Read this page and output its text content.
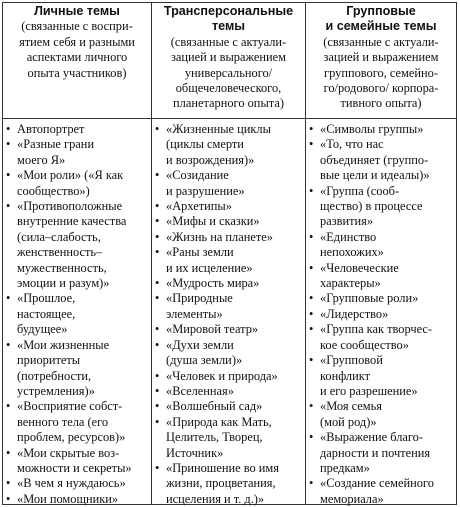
Личные темы
(связанные с воспри-
ятием себя и разными
аспектами личного
опыта участников)
Трансперсональные
темы
(связанные с актуали-
зацией и выражением
универсального/
общечеловеческого,
планетарного опыта)
Групповые
и семейные темы
(связанные с актуали-
зацией и выражением
группового, семейно-
го/родового/ корпора-
тивного опыта)
• Автопортрет
• «Разные грани
моего Я»
• «Мои роли» («Я как
сообщество»)
• «Противоположные
внутренние качества
(сила–слабость,
женственность–
мужественность,
эмоции и разум)»
• «Прошлое,
настоящее,
будущее»
• «Мои жизненные
приоритеты
(потребности,
устремления)»
• «Восприятие собст-
венного тела (его
проблем, ресурсов)»
• «Мои скрытые воз-
можности и секреты»
• «В чем я нуждаюсь»
• «Мои помощники»
• «Жизненные циклы
(циклы смерти
и возрождения)»
• «Созидание
и разрушение»
• «Архетипы»
• «Мифы и сказки»
• «Жизнь на планете»
• «Раны земли
и их исцеление»
• «Мудрость мира»
• «Природные
элементы»
• «Мировой театр»
• «Духи земли
(душа земли)»
• «Человек и природа»
• «Вселенная»
• «Волшебный сад»
• «Природа как Мать,
Целитель, Творец,
Источник»
• «Приношение во имя
жизни, процветания,
исцеления и т. д.)»
• «Символы группы»
• «То, что нас
объединяет (группо-
вые цели и идеалы)»
• «Группа (сооб-
щество) в процессе
развития»
• «Единство
непохожих»
• «Человеческие
характеры»
• «Групповые роли»
• «Лидерство»
• «Группа как творчес-
кое сообщество»
• «Групповой
конфликт
и его разрешение»
• «Моя семья
(мой род)»
• «Выражение благо-
дарности и почтения
предкам»
• «Создание семейного
мемориала»
